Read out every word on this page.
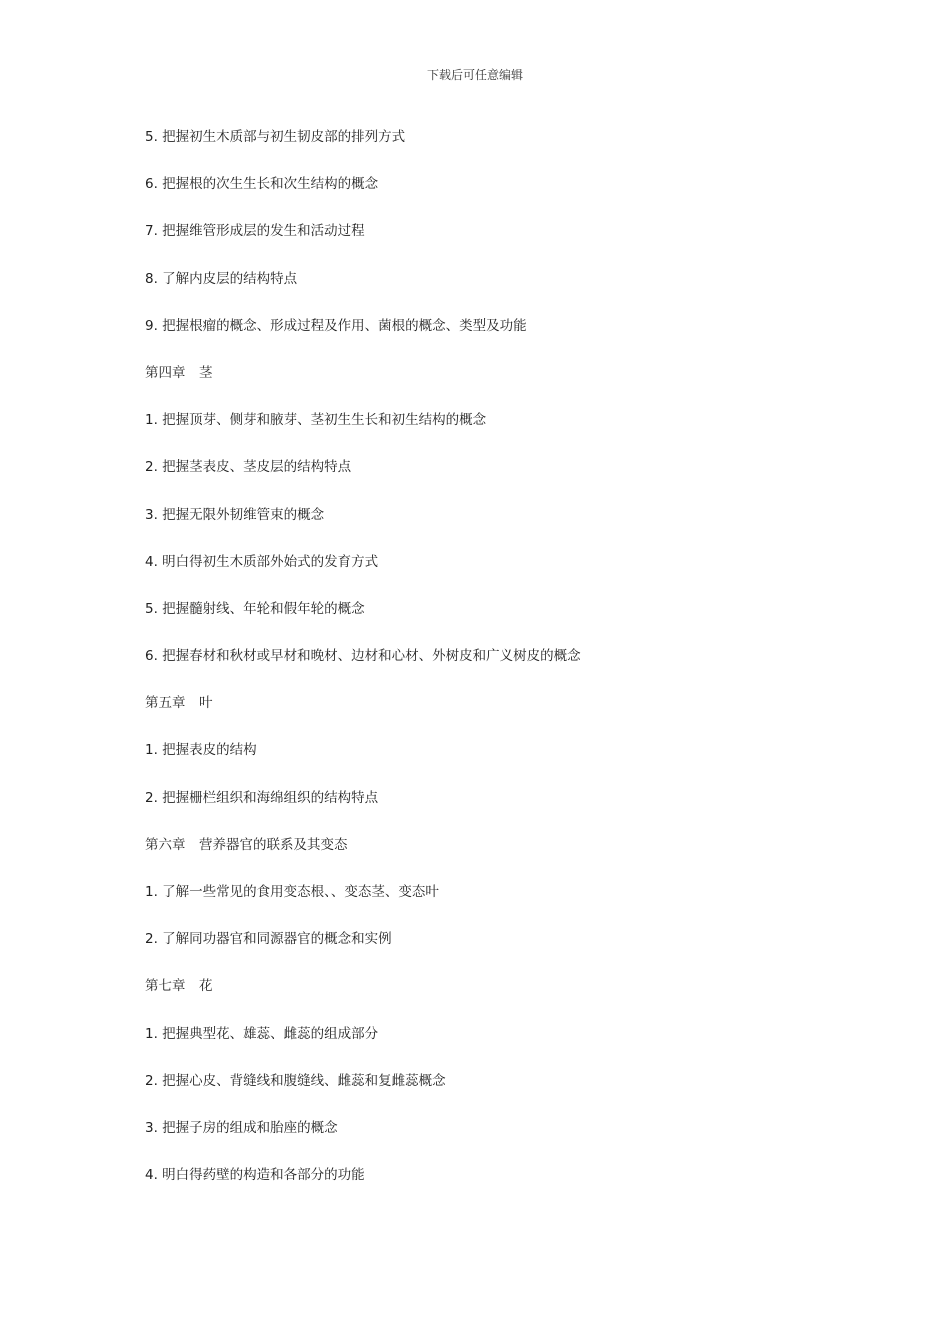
下载后可任意编辑
5. 把握初生木质部与初生韧皮部的排列方式
6. 把握根的次生生长和次生结构的概念
7. 把握维管形成层的发生和活动过程
8. 了解内皮层的结构特点
9. 把握根瘤的概念、形成过程及作用、菌根的概念、类型及功能
第四章　茎
1. 把握顶芽、侧芽和腋芽、茎初生生长和初生结构的概念
2. 把握茎表皮、茎皮层的结构特点
3. 把握无限外韧维管束的概念
4. 明白得初生木质部外始式的发育方式
5. 把握髓射线、年轮和假年轮的概念
6. 把握春材和秋材或早材和晚材、边材和心材、外树皮和广义树皮的概念
第五章　叶
1. 把握表皮的结构
2. 把握栅栏组织和海绵组织的结构特点
第六章　营养器官的联系及其变态
1. 了解一些常见的食用变态根、、变态茎、变态叶
2. 了解同功器官和同源器官的概念和实例
第七章　花
1. 把握典型花、雄蕊、雌蕊的组成部分
2. 把握心皮、背缝线和腹缝线、雌蕊和复雌蕊概念
3. 把握子房的组成和胎座的概念
4. 明白得药壁的构造和各部分的功能
